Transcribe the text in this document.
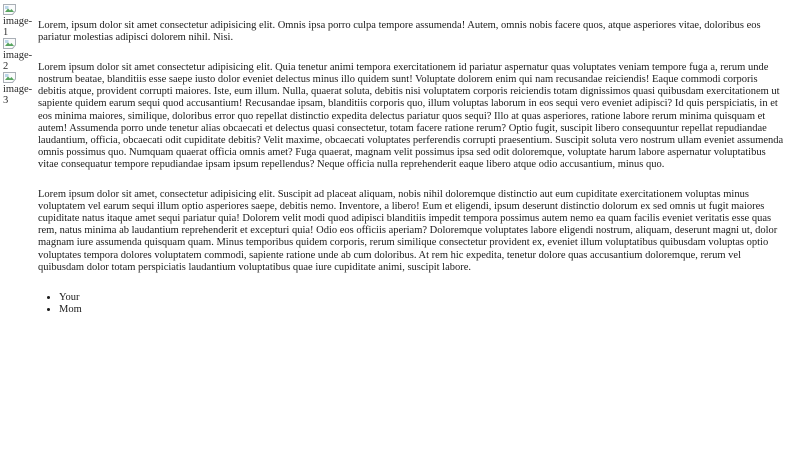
image-
1
image-
2
image-
3

Lorem, ipsum dolor sit amet consectetur adipisicing elit. Omnis ipsa porro culpa tempore assumenda! Autem, omnis nobis facere quos, atque asperiores vitae, doloribus eos pariatur molestias adipisci dolorem nihil. Nisi.

Lorem ipsum dolor sit amet consectetur adipisicing elit. Quia tenetur animi tempora exercitationem id pariatur aspernatur quas voluptates veniam tempore fuga a, rerum unde nostrum beatae, blanditiis esse saepe iusto dolor eveniet delectus minus illo quidem sunt! Voluptate dolorem enim qui nam recusandae reiciendis! Eaque commodi corporis debitis atque, provident corrupti maiores. Iste, eum illum. Nulla, quaerat soluta, debitis nisi voluptatem corporis reiciendis totam dignissimos quasi quibusdam exercitationem ut sapiente quidem earum sequi quod accusantium! Recusandae ipsam, blanditiis corporis quo, illum voluptas laborum in eos sequi vero eveniet adipisci? Id quis perspiciatis, in et eos minima maiores, similique, doloribus error quo repellat distinctio expedita delectus pariatur quos sequi? Illo at quas asperiores, ratione labore rerum minima quisquam et autem! Assumenda porro unde tenetur alias obcaecati et delectus quasi consectetur, totam facere ratione rerum? Optio fugit, suscipit libero consequuntur repellat repudiandae laudantium, officia, obcaecati odit cupiditate debitis? Velit maxime, obcaecati voluptates perferendis corrupti praesentium. Suscipit soluta vero nostrum ullam eveniet assumenda omnis possimus quo. Numquam quaerat officia omnis amet? Fuga quaerat, magnam velit possimus ipsa sed odit doloremque, voluptate harum labore aspernatur voluptatibus vitae consequatur tempore repudiandae ipsam ipsum repellendus? Neque officia nulla reprehenderit eaque libero atque odio accusantium, minus quo.

Lorem ipsum dolor sit amet, consectetur adipisicing elit. Suscipit ad placeat aliquam, nobis nihil doloremque distinctio aut eum cupiditate exercitationem voluptas minus voluptatem vel earum sequi illum optio asperiores saepe, debitis nemo. Inventore, a libero! Eum et eligendi, ipsum deserunt distinctio dolorum ex sed omnis ut fugit maiores cupiditate natus itaque amet sequi pariatur quia! Dolorem velit modi quod adipisci blanditiis impedit tempora possimus autem nemo ea quam facilis eveniet veritatis esse quas rem, natus minima ab laudantium reprehenderit et excepturi quia! Odio eos officiis aperiam? Doloremque voluptates labore eligendi nostrum, aliquam, deserunt magni ut, dolor magnam iure assumenda quisquam quam. Minus temporibus quidem corporis, rerum similique consectetur provident ex, eveniet illum voluptatibus quibusdam voluptas optio voluptates tempora dolores voluptatem commodi, sapiente ratione unde ab cum doloribus. At rem hic expedita, tenetur dolore quas accusantium doloremque, rerum vel quibusdam dolor totam perspiciatis laudantium voluptatibus quae iure cupiditate animi, suscipit labore.

• Your
• Mom
